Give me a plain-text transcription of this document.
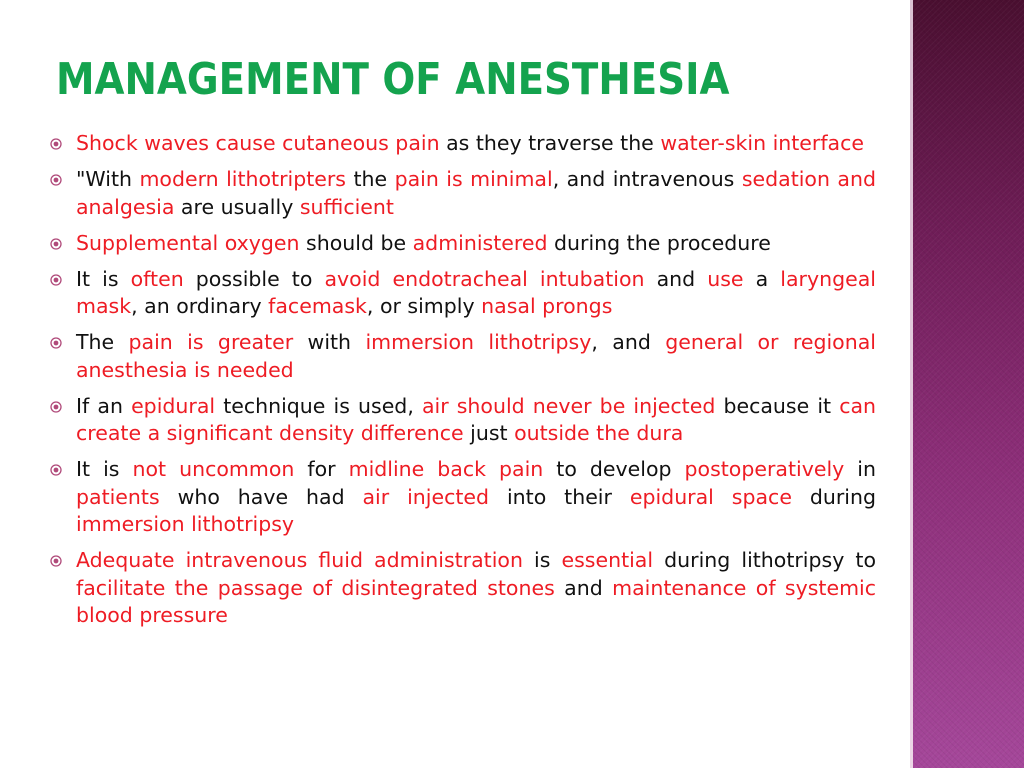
MANAGEMENT OF ANESTHESIA
Shock waves cause cutaneous pain as they traverse the water-skin interface
"With modern lithotripters the pain is minimal, and intravenous sedation and analgesia are usually sufficient
Supplemental oxygen should be administered during the procedure
It is often possible to avoid endotracheal intubation and use a laryngeal mask, an ordinary facemask, or simply nasal prongs
The pain is greater with immersion lithotripsy, and general or regional anesthesia is needed
If an epidural technique is used, air should never be injected because it can create a significant density difference just outside the dura
It is not uncommon for midline back pain to develop postoperatively in patients who have had air injected into their epidural space during immersion lithotripsy
Adequate intravenous fluid administration is essential during lithotripsy to facilitate the passage of disintegrated stones and maintenance of systemic blood pressure
